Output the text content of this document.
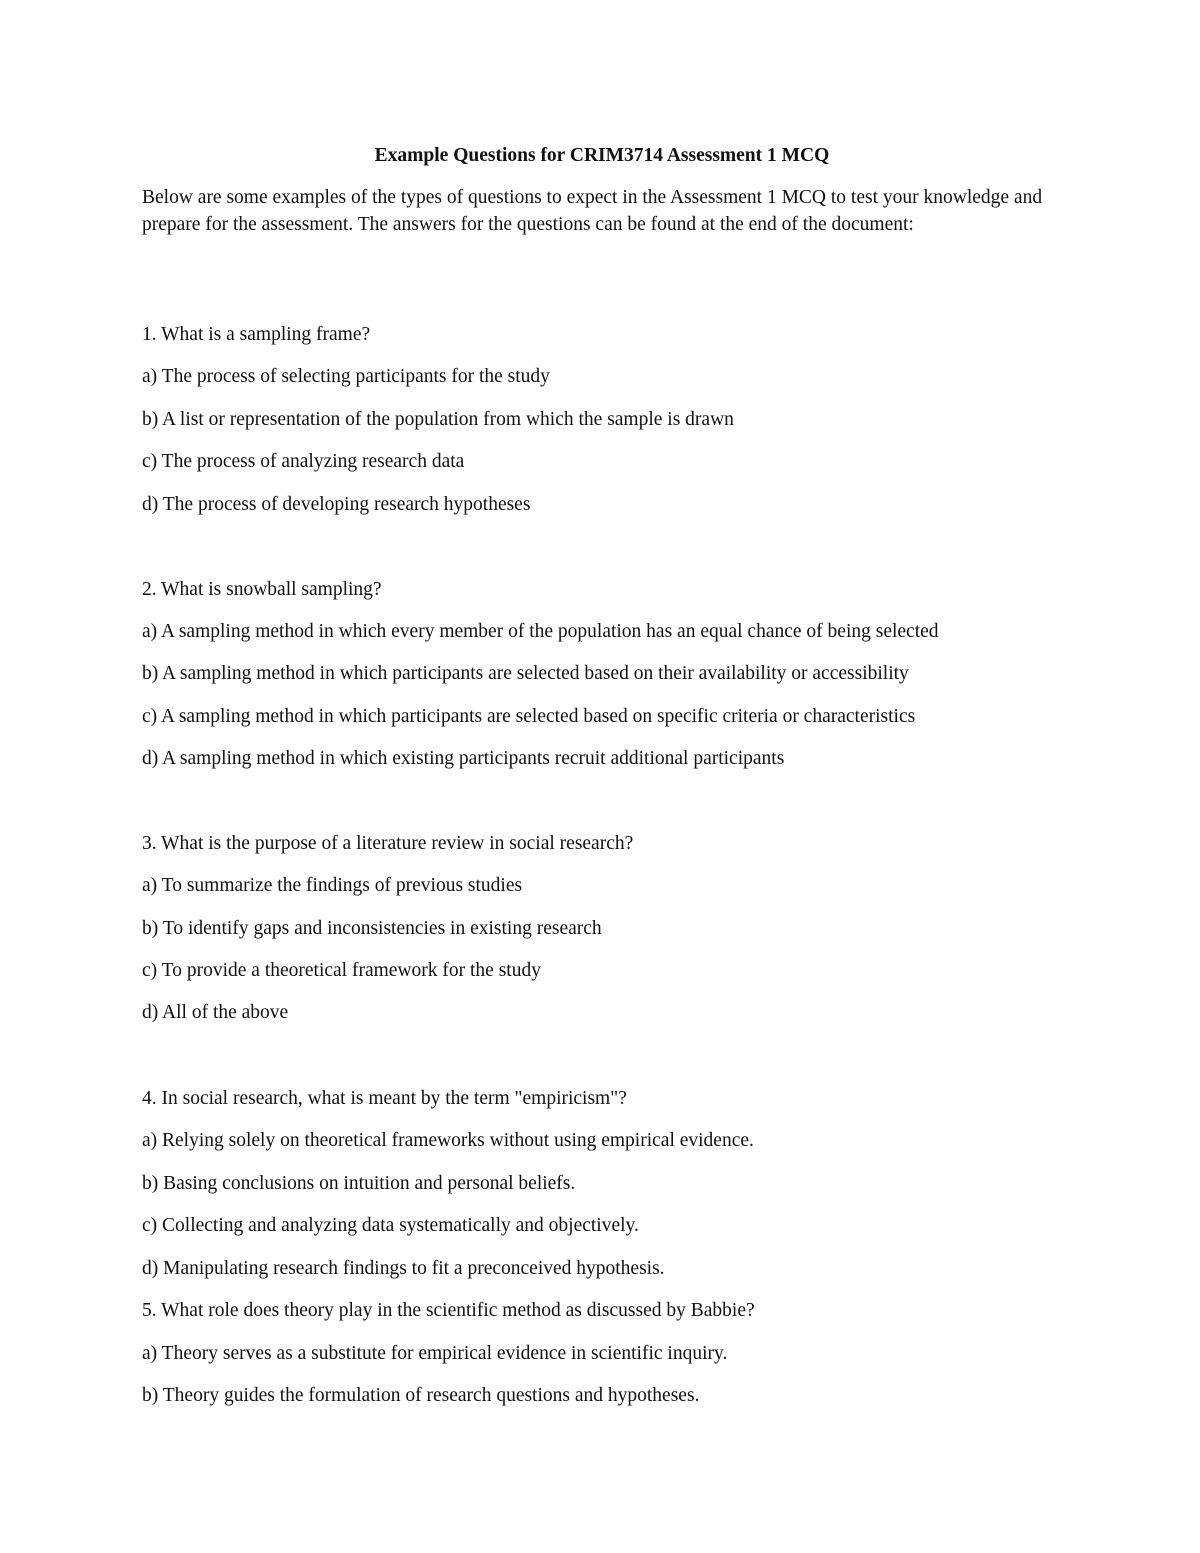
Example Questions for CRIM3714 Assessment 1 MCQ

Below are some examples of the types of questions to expect in the Assessment 1 MCQ to test your knowledge and prepare for the assessment. The answers for the questions can be found at the end of the document:

1. What is a sampling frame?

a) The process of selecting participants for the study

b) A list or representation of the population from which the sample is drawn

c) The process of analyzing research data

d) The process of developing research hypotheses

2. What is snowball sampling?

a) A sampling method in which every member of the population has an equal chance of being selected

b) A sampling method in which participants are selected based on their availability or accessibility

c) A sampling method in which participants are selected based on specific criteria or characteristics

d) A sampling method in which existing participants recruit additional participants

3. What is the purpose of a literature review in social research?

a) To summarize the findings of previous studies

b) To identify gaps and inconsistencies in existing research

c) To provide a theoretical framework for the study

d) All of the above

4. In social research, what is meant by the term "empiricism"?

a) Relying solely on theoretical frameworks without using empirical evidence.

b) Basing conclusions on intuition and personal beliefs.

c) Collecting and analyzing data systematically and objectively.

d) Manipulating research findings to fit a preconceived hypothesis.

5. What role does theory play in the scientific method as discussed by Babbie?

a) Theory serves as a substitute for empirical evidence in scientific inquiry.

b) Theory guides the formulation of research questions and hypotheses.
